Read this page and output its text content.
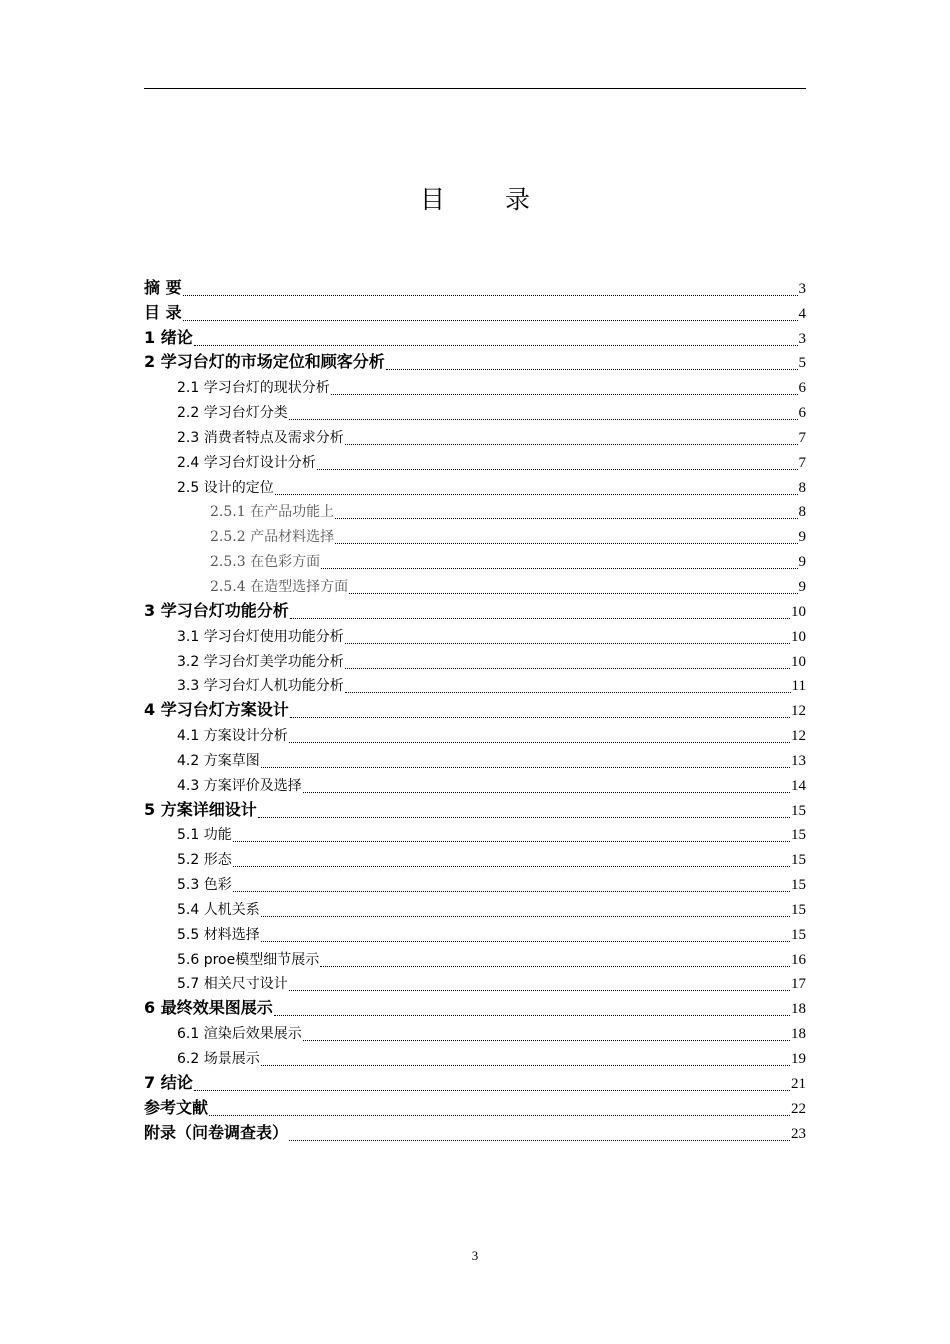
目 录
摘 要	3
目 录	4
1 绪论	3
2 学习台灯的市场定位和顾客分析	5
2.1 学习台灯的现状分析	6
2.2 学习台灯分类	6
2.3 消费者特点及需求分析	7
2.4 学习台灯设计分析	7
2.5 设计的定位	8
2.5.1 在产品功能上	8
2.5.2 产品材料选择	9
2.5.3 在色彩方面	9
2.5.4 在造型选择方面	9
3 学习台灯功能分析	10
3.1 学习台灯使用功能分析	10
3.2 学习台灯美学功能分析	10
3.3 学习台灯人机功能分析	11
4 学习台灯方案设计	12
4.1 方案设计分析	12
4.2 方案草图	13
4.3 方案评价及选择	14
5 方案详细设计	15
5.1 功能	15
5.2 形态	15
5.3 色彩	15
5.4 人机关系	15
5.5 材料选择	15
5.6 proe模型细节展示	16
5.7 相关尺寸设计	17
6 最终效果图展示	18
6.1 渲染后效果展示	18
6.2 场景展示	19
7 结论	21
参考文献	22
附录（问卷调查表）	23
3
